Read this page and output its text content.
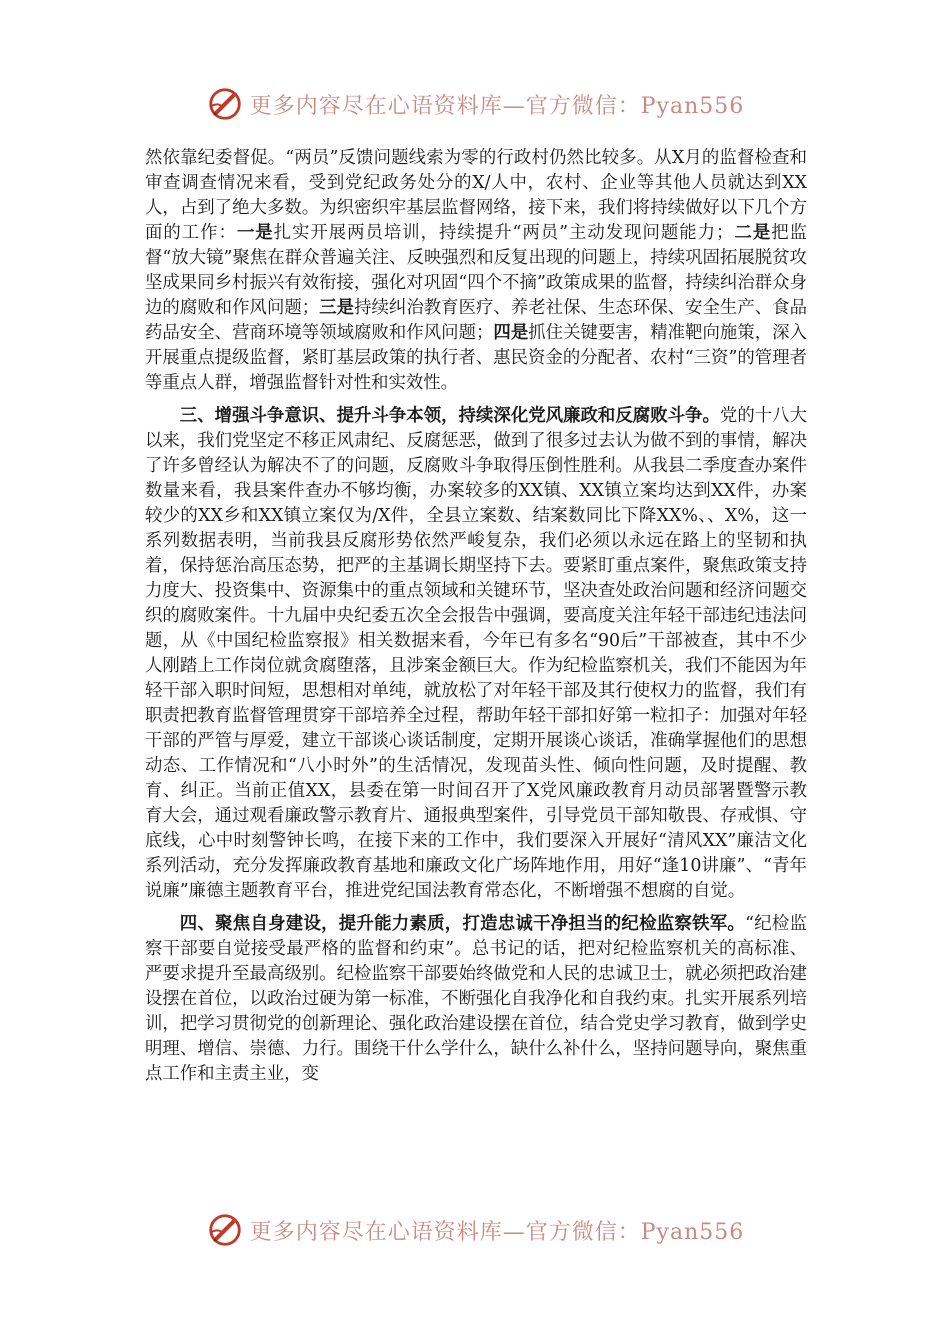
更多内容尽在心语资料库—官方微信：Pyan556

然依靠纪委督促。“两员”反馈问题线索为零的行政村仍然比较多。从X月的监督检查和审查调查情况来看，受到党纪政务处分的X/人中，农村、企业等其他人员就达到XX人，占到了绝大多数。为织密织牢基层监督网络，接下来，我们将持续做好以下几个方面的工作：一是扎实开展两员培训，持续提升“两员”主动发现问题能力；二是把监督“放大镜”聚焦在群众普遍关注、反映强烈和反复出现的问题上，持续巩固拓展脱贫攻坚成果同乡村振兴有效衔接，强化对巩固“四个不摘”政策成果的监督，持续纠治群众身边的腐败和作风问题；三是持续纠治教育医疗、养老社保、生态环保、安全生产、食品药品安全、营商环境等领域腐败和作风问题；四是抓住关键要害，精准靶向施策，深入开展重点提级监督，紧盯基层政策的执行者、惠民资金的分配者、农村“三资”的管理者等重点人群，增强监督针对性和实效性。

三、增强斗争意识、提升斗争本领，持续深化党风廉政和反腐败斗争。党的十八大以来，我们党坚定不移正风肃纪、反腐惩恶，做到了很多过去认为做不到的事情，解决了许多曾经认为解决不了的问题，反腐败斗争取得压倒性胜利。从我县二季度查办案件数量来看，我县案件查办不够均衡，办案较多的XX镇、XX镇立案均达到XX件，办案较少的XX乡和XX镇立案仅为/X件，全县立案数、结案数同比下降XX%、、X%，这一系列数据表明，当前我县反腐形势依然严峻复杂，我们必须以永远在路上的坚韧和执着，保持惩治高压态势，把严的主基调长期坚持下去。要紧盯重点案件，聚焦政策支持力度大、投资集中、资源集中的重点领域和关键环节，坚决查处政治问题和经济问题交织的腐败案件。十九届中央纪委五次全会报告中强调，要高度关注年轻干部违纪违法问题，从《中国纪检监察报》相关数据来看，今年已有多名“90后”干部被查，其中不少人刚踏上工作岗位就贪腐堕落，且涉案金额巨大。作为纪检监察机关，我们不能因为年轻干部入职时间短，思想相对单纯，就放松了对年轻干部及其行使权力的监督，我们有职责把教育监督管理贯穿干部培养全过程，帮助年轻干部扣好第一粒扣子：加强对年轻干部的严管与厚爱，建立干部谈心谈话制度，定期开展谈心谈话，准确掌握他们的思想动态、工作情况和“八小时外”的生活情况，发现苗头性、倾向性问题，及时提醒、教育、纠正。当前正值XX，县委在第一时间召开了X党风廉政教育月动员部署暨警示教育大会，通过观看廉政警示教育片、通报典型案件，引导党员干部知敬畏、存戒惧、守底线，心中时刻警钟长鸣，在接下来的工作中，我们要深入开展好“清风XX”廉洁文化系列活动，充分发挥廉政教育基地和廉政文化广场阵地作用，用好“逢10讲廉”、“青年说廉”廉德主题教育平台，推进党纪国法教育常态化，不断增强不想腐的自觉。

四、聚焦自身建设，提升能力素质，打造忠诚干净担当的纪检监察铁军。“纪检监察干部要自觉接受最严格的监督和约束”。总书记的话，把对纪检监察机关的高标准、严要求提升至最高级别。纪检监察干部要始终做党和人民的忠诚卫士，就必须把政治建设摆在首位，以政治过硬为第一标准，不断强化自我净化和自我约束。扎实开展系列培训，把学习贯彻党的创新理论、强化政治建设摆在首位，结合党史学习教育，做到学史明理、增信、崇德、力行。围绕干什么学什么，缺什么补什么，坚持问题导向，聚焦重点工作和主责主业，变

更多内容尽在心语资料库—官方微信：Pyan556
